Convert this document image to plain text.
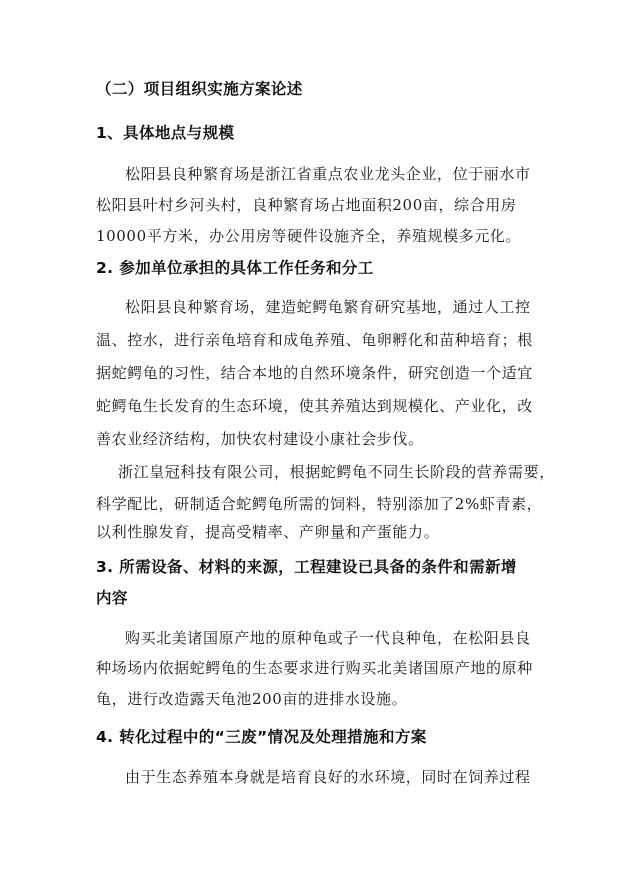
（二）项目组织实施方案论述
1、具体地点与规模
松阳县良种繁育场是浙江省重点农业龙头企业，位于丽水市
松阳县叶村乡河头村，良种繁育场占地面积200亩，综合用房
10000平方米，办公用房等硬件设施齐全，养殖规模多元化。
2. 参加单位承担的具体工作任务和分工
松阳县良种繁育场，建造蛇鳄龟繁育研究基地，通过人工控
温、控水，进行亲龟培育和成龟养殖、龟卵孵化和苗种培育；根
据蛇鳄龟的习性，结合本地的自然环境条件，研究创造一个适宜
蛇鳄龟生长发育的生态环境，使其养殖达到规模化、产业化，改
善农业经济结构，加快农村建设小康社会步伐。
浙江皇冠科技有限公司，根据蛇鳄龟不同生长阶段的营养需要，
科学配比，研制适合蛇鳄龟所需的饲料，特别添加了2%虾青素，
以利性腺发育，提高受精率、产卵量和产蛋能力。
3. 所需设备、材料的来源，工程建设已具备的条件和需新增
内容
购买北美诸国原产地的原种龟或子一代良种龟，在松阳县良
种场场内依据蛇鳄龟的生态要求进行购买北美诸国原产地的原种
龟，进行改造露天龟池200亩的进排水设施。
4. 转化过程中的“三废”情况及处理措施和方案
由于生态养殖本身就是培育良好的水环境，同时在饲养过程
